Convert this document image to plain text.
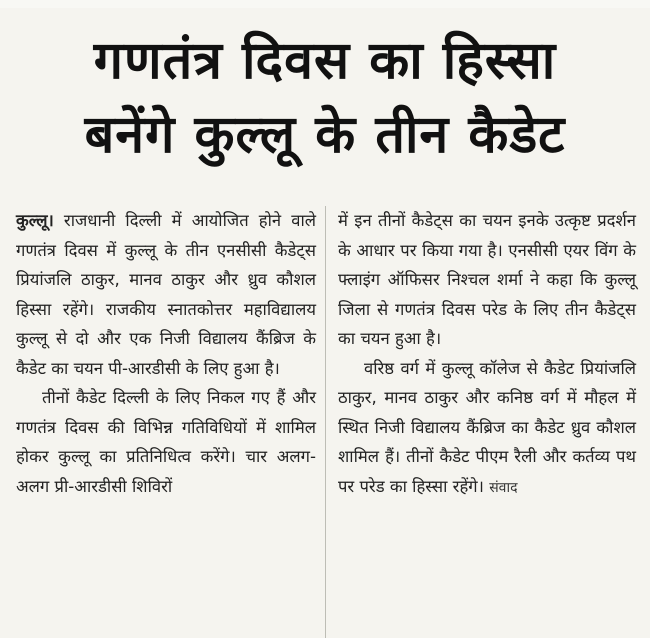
गणतंत्र दिवस का हिस्सा
बनेंगे कुल्लू के तीन कैडेट

कुल्लू। राजधानी दिल्ली में आयोजित होने वाले गणतंत्र दिवस में कुल्लू के तीन एनसीसी कैडेट्स प्रियांजलि ठाकुर, मानव ठाकुर और ध्रुव कौशल हिस्सा रहेंगे। राजकीय स्नातकोत्तर महाविद्यालय कुल्लू से दो और एक निजी विद्यालय कैंब्रिज के कैडेट का चयन पी-आरडीसी के लिए हुआ है।

तीनों कैडेट दिल्ली के लिए निकल गए हैं और गणतंत्र दिवस की विभिन्न गतिविधियों में शामिल होकर कुल्लू का प्रतिनिधित्व करेंगे। चार अलग-अलग प्री-आरडीसी शिविरों

में इन तीनों कैडेट्स का चयन इनके उत्कृष्ट प्रदर्शन के आधार पर किया गया है। एनसीसी एयर विंग के फ्लाइंग ऑफिसर निश्चल शर्मा ने कहा कि कुल्लू जिला से गणतंत्र दिवस परेड के लिए तीन कैडेट्स का चयन हुआ है।

वरिष्ठ वर्ग में कुल्लू कॉलेज से कैडेट प्रियांजलि ठाकुर, मानव ठाकुर और कनिष्ठ वर्ग में मौहल में स्थित निजी विद्यालय कैंब्रिज का कैडेट ध्रुव कौशल शामिल हैं। तीनों कैडेट पीएम रैली और कर्तव्य पथ पर परेड का हिस्सा रहेंगे। संवाद
